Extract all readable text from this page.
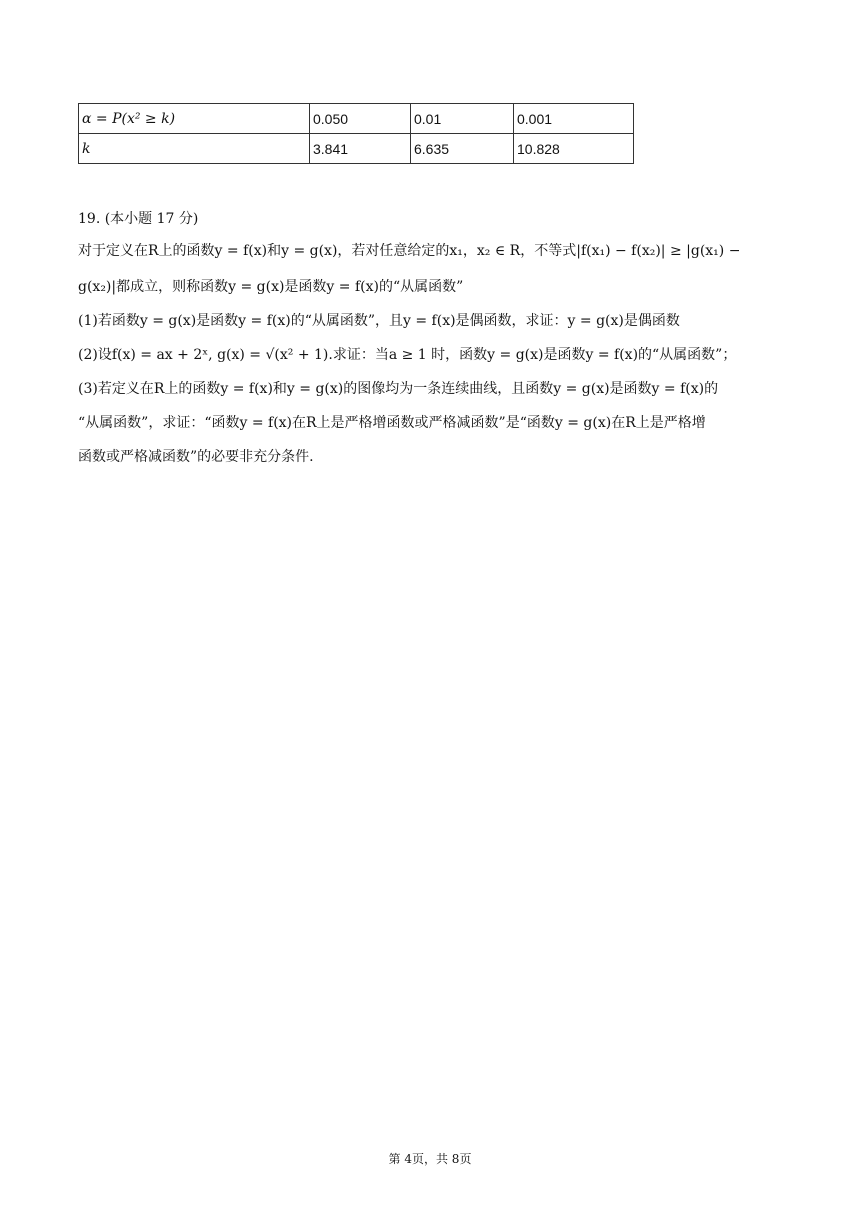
α = P(x² ≥ k)	0.050	0.01	0.001
k	3.841	6.635	10.828
19. (本小题 17 分)
对于定义在R上的函数y = f(x)和y = g(x)，若对任意给定的x₁，x₂ ∈ R，不等式|f(x₁) − f(x₂)| ≥ |g(x₁) −
g(x₂)|都成立，则称函数y = g(x)是函数y = f(x)的“从属函数”
(1)若函数y = g(x)是函数y = f(x)的“从属函数”，且y = f(x)是偶函数，求证：y = g(x)是偶函数
(2)设f(x) = ax + 2ˣ, g(x) = √(x² + 1).求证：当a ≥ 1 时，函数y = g(x)是函数y = f(x)的“从属函数”；
(3)若定义在R上的函数y = f(x)和y = g(x)的图像均为一条连续曲线，且函数y = g(x)是函数y = f(x)的
“从属函数”，求证：“函数y = f(x)在R上是严格增函数或严格减函数”是“函数y = g(x)在R上是严格增
函数或严格减函数”的必要非充分条件.
第 4页，共 8页
